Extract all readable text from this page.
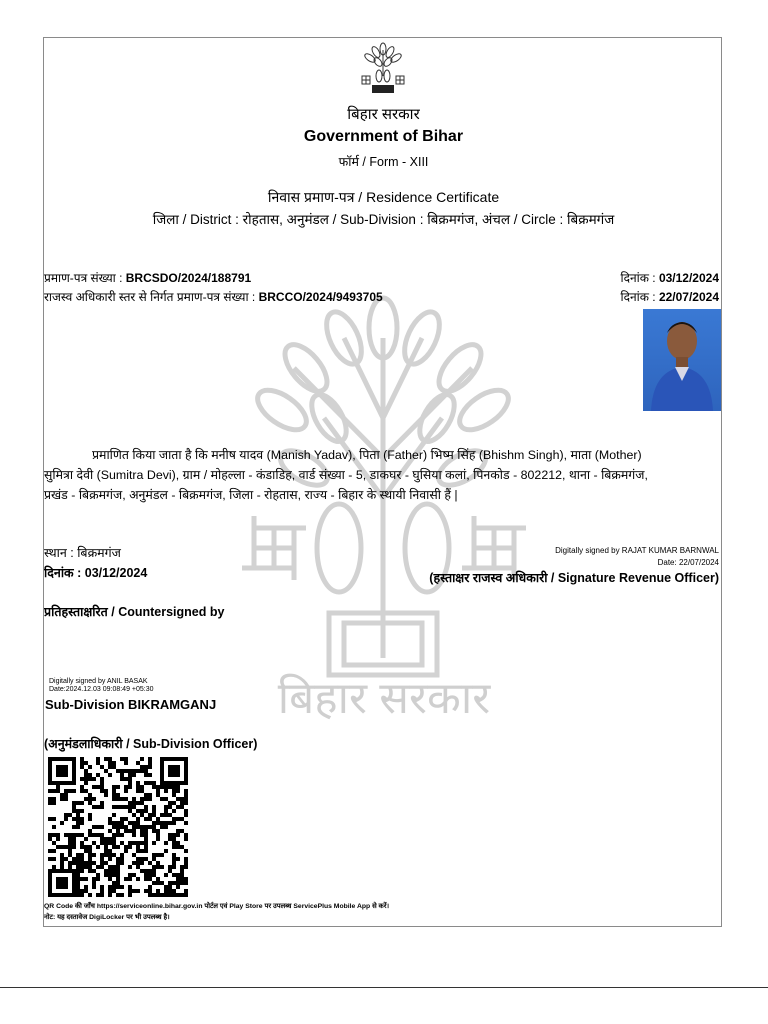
बिहार सरकार
बिहार सरकार
Government of Bihar
फॉर्म / Form - XIII
निवास प्रमाण-पत्र / Residence Certificate
जिला / District : रोहतास, अनुमंडल / Sub-Division : बिक्रमगंज, अंचल / Circle : बिक्रमगंज
प्रमाण-पत्र संख्या : BRCSDO/2024/188791
राजस्व अधिकारी स्तर से निर्गत प्रमाण-पत्र संख्या : BRCCO/2024/9493705
दिनांक : 03/12/2024
दिनांक : 22/07/2024
प्रमाणित किया जाता है कि मनीष यादव (Manish Yadav), पिता (Father) भिष्म सिंह (Bhishm Singh), माता (Mother)
सुमित्रा देवी (Sumitra Devi), ग्राम / मोहल्ला - कंडाडिह, वार्ड संख्या - 5, डाकघर - घुसिया कलां, पिनकोड - 802212, थाना - बिक्रमगंज,
प्रखंड - बिक्रमगंज, अनुमंडल - बिक्रमगंज, जिला - रोहतास, राज्य - बिहार के स्थायी निवासी हैं |
स्थान : बिक्रमगंज
दिनांक : 03/12/2024
Digitally signed by RAJAT KUMAR BARNWAL
Date: 22/07/2024
(हस्ताक्षर राजस्व अधिकारी / Signature Revenue Officer)
प्रतिहस्ताक्षरित / Countersigned by
Digitally signed by ANIL BASAK
Date:2024.12.03 09:08:49 +05:30
Sub-Division BIKRAMGANJ
(अनुमंडलाधिकारी / Sub-Division Officer)
QR Code की जाँच https://serviceonline.bihar.gov.in पोर्टल एवं Play Store पर उपलब्ध ServicePlus Mobile App से करें।
नोट: यह दस्तावेज DigiLocker पर भी उपलब्ध है।
